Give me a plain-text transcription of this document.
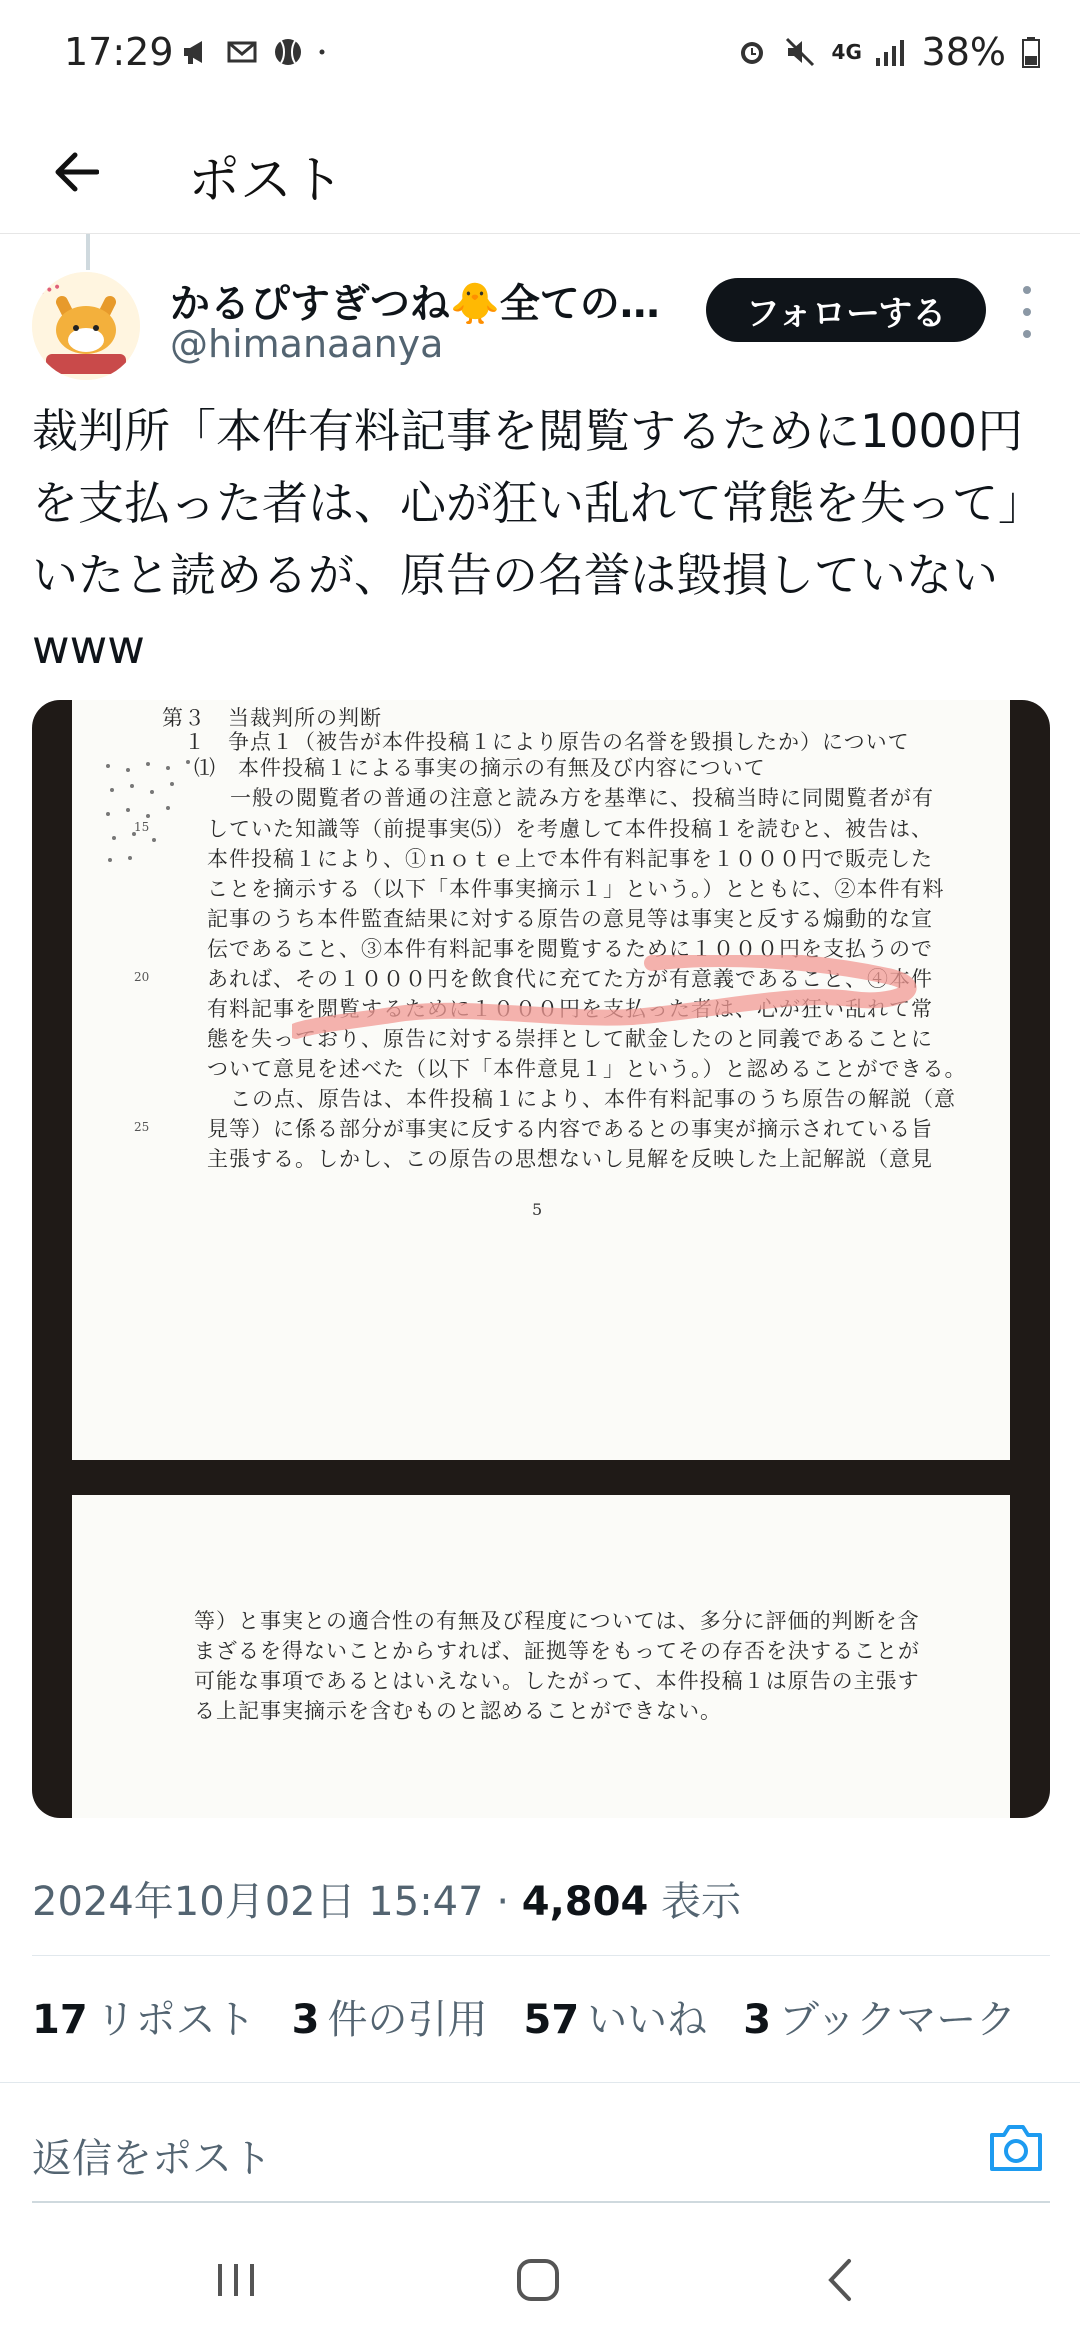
17:29	4G 38%
ポスト
•••	かるぴすぎつね🐥全ての…
@himanaanya
フォローする
裁判所「本件有料記事を閲覧するために1000円を支払った者は、心が狂い乱れて常態を失って」いたと読めるが、原告の名誉は毀損していないwww
第３　当裁判所の判断
１　争点１（被告が本件投稿１により原告の名誉を毀損したか）について
⑴　本件投稿１による事実の摘示の有無及び内容について
一般の閲覧者の普通の注意と読み方を基準に、投稿当時に同閲覧者が有
していた知識等（前提事実⑸）を考慮して本件投稿１を読むと、被告は、
本件投稿１により、①ｎｏｔｅ上で本件有料記事を１０００円で販売した
ことを摘示する（以下「本件事実摘示１」という。）とともに、②本件有料
記事のうち本件監査結果に対する原告の意見等は事実と反する煽動的な宣
伝であること、③本件有料記事を閲覧するために１０００円を支払うので
あれば、その１０００円を飲食代に充てた方が有意義であること、④本件
有料記事を閲覧するために１０００円を支払った者は、心が狂い乱れて常
態を失っており、原告に対する崇拝として献金したのと同義であることに
ついて意見を述べた（以下「本件意見１」という。）と認めることができる。
この点、原告は、本件投稿１により、本件有料記事のうち原告の解説（意
見等）に係る部分が事実に反する内容であるとの事実が摘示されている旨
主張する。しかし、この原告の思想ないし見解を反映した上記解説（意見
15
20
25
5
等）と事実との適合性の有無及び程度については、多分に評価的判断を含
まざるを得ないことからすれば、証拠等をもってその存否を決することが
可能な事項であるとはいえない。したがって、本件投稿１は原告の主張す
る上記事実摘示を含むものと認めることができない。
2024年10月02日 15:47 · 4,804 表示
17 リポスト 3 件の引用 57 いいね 3 ブックマーク
返信をポスト
